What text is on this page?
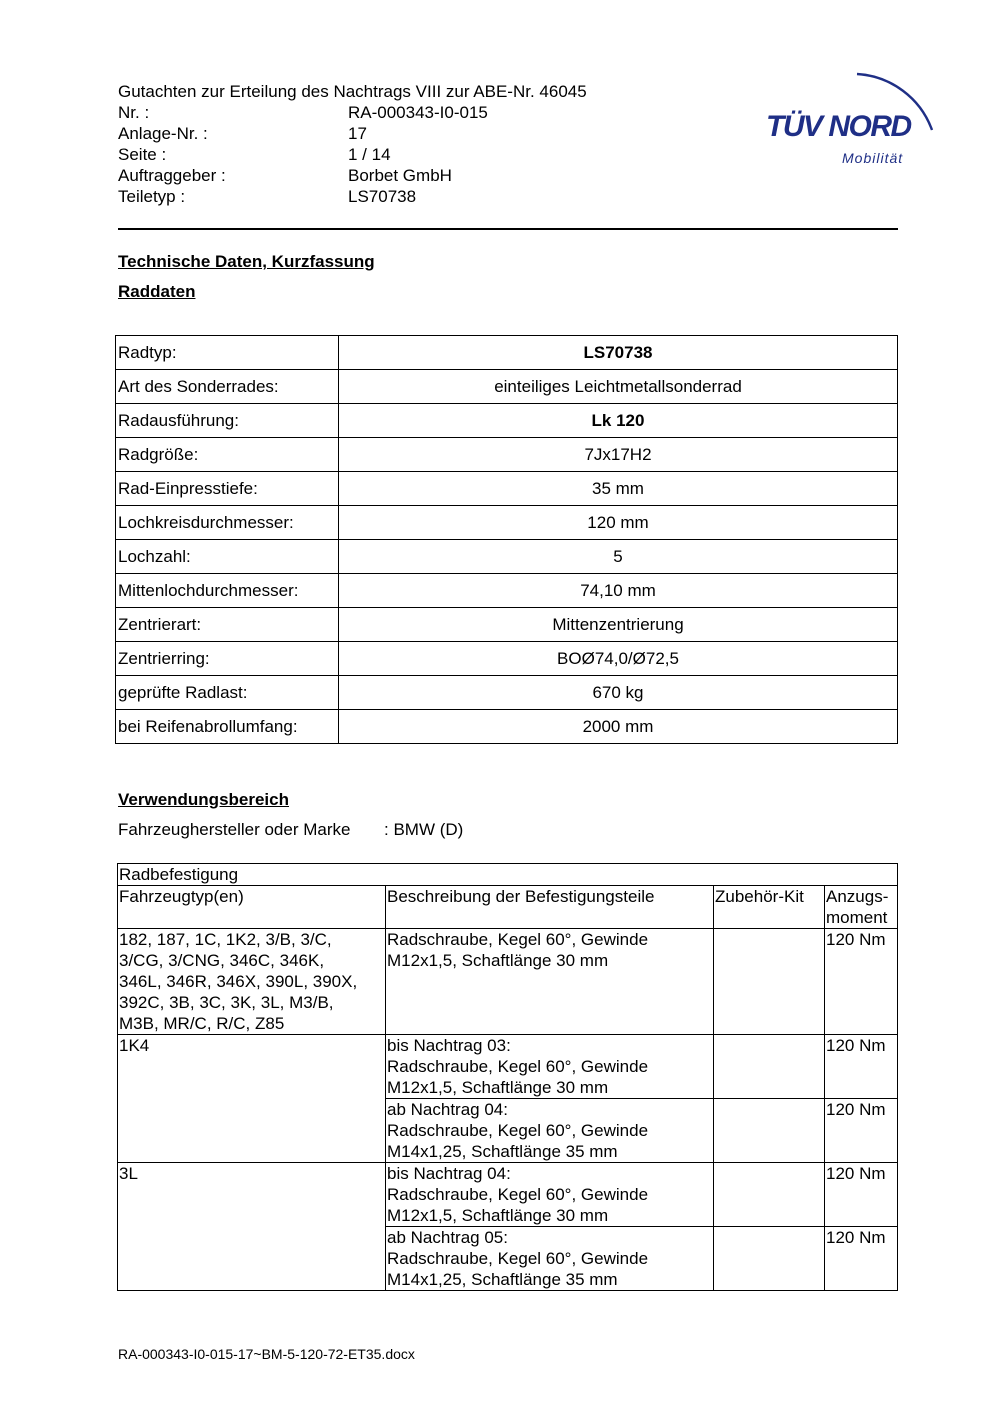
Gutachten zur Erteilung des Nachtrags VIII zur ABE-Nr. 46045
Nr. :	RA-000343-I0-015
Anlage-Nr. :	17
Seite :	1 / 14
Auftraggeber :	Borbet GmbH
Teiletyp :	LS70738
TÜV NORD
Mobilität
Technische Daten, Kurzfassung
Raddaten
Radtyp:	LS70738
Art des Sonderrades:	einteiliges Leichtmetallsonderrad
Radausführung:	Lk 120
Radgröße:	7Jx17H2
Rad-Einpresstiefe:	35 mm
Lochkreisdurchmesser:	120 mm
Lochzahl:	5
Mittenlochdurchmesser:	74,10 mm
Zentrierart:	Mittenzentrierung
Zentrierring:	BOØ74,0/Ø72,5
geprüfte Radlast:	670 kg
bei Reifenabrollumfang:	2000 mm
Verwendungsbereich
Fahrzeughersteller oder Marke : BMW (D)
Radbefestigung			
Fahrzeugtyp(en)	Beschreibung der Befestigungsteile	Zubehör-Kit	Anzugs-
moment
182, 187, 1C, 1K2, 3/B, 3/C,
3/CG, 3/CNG, 346C, 346K,
346L, 346R, 346X, 390L, 390X,
392C, 3B, 3C, 3K, 3L, M3/B,
M3B, MR/C, R/C, Z85	Radschraube, Kegel 60°, Gewinde
M12x1,5, Schaftlänge 30 mm		120 Nm
1K4	bis Nachtrag 03:
Radschraube, Kegel 60°, Gewinde
M12x1,5, Schaftlänge 30 mm		120 Nm
	ab Nachtrag 04:
Radschraube, Kegel 60°, Gewinde
M14x1,25, Schaftlänge 35 mm		120 Nm
3L	bis Nachtrag 04:
Radschraube, Kegel 60°, Gewinde
M12x1,5, Schaftlänge 30 mm		120 Nm
	ab Nachtrag 05:
Radschraube, Kegel 60°, Gewinde
M14x1,25, Schaftlänge 35 mm		120 Nm
RA-000343-I0-015-17~BM-5-120-72-ET35.docx
